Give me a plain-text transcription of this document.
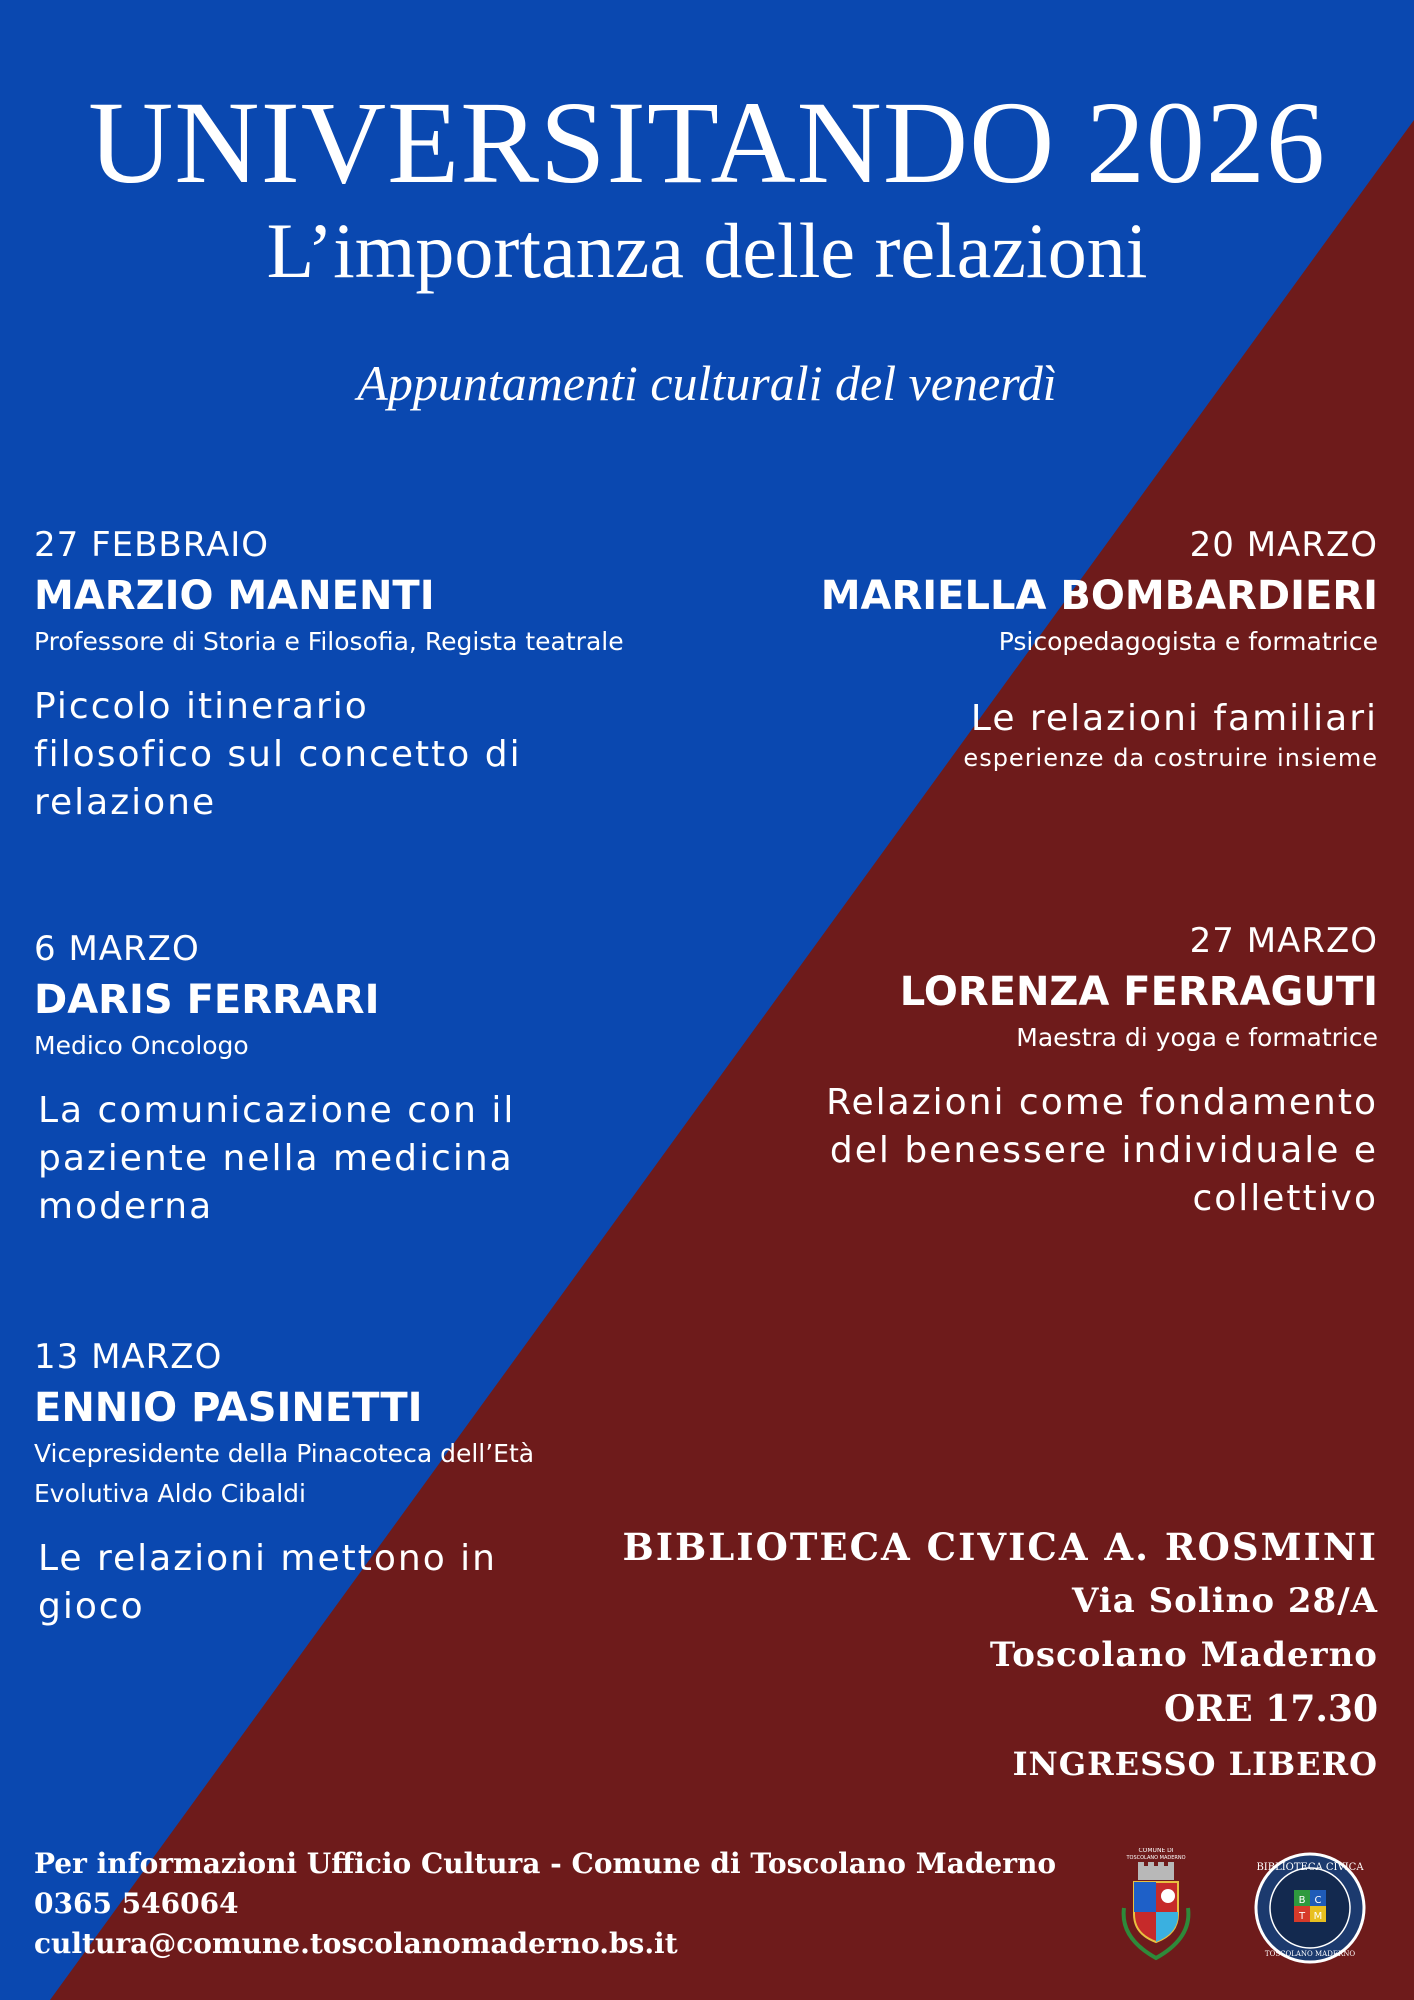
UNIVERSITANDO 2026
L’importanza delle relazioni
Appuntamenti culturali del venerdì
27 FEBBRAIO
MARZIO MANENTI
Professore di Storia e Filosofia, Regista teatrale
Piccolo itinerario
filosofico sul concetto di
relazione
20 MARZO
MARIELLA BOMBARDIERI
Psicopedagogista e formatrice
Le relazioni familiari
esperienze da costruire insieme
6 MARZO
DARIS FERRARI
Medico Oncologo
La comunicazione con il
paziente nella medicina
moderna
27 MARZO
LORENZA FERRAGUTI
Maestra di yoga e formatrice
Relazioni come fondamento
del benessere individuale e
collettivo
13 MARZO
ENNIO PASINETTI
Vicepresidente della Pinacoteca dell’Età
Evolutiva Aldo Cibaldi
Le relazioni mettono in
gioco
BIBLIOTECA CIVICA A. ROSMINI
Via Solino 28/A
Toscolano Maderno
ORE 17.30
INGRESSO LIBERO
Per informazioni Ufficio Cultura - Comune di Toscolano Maderno
0365 546064
cultura@comune.toscolanomaderno.bs.it
COMUNE DI
TOSCOLANO MADERNO
BIBLIOTECA CIVICA
TOSCOLANO MADERNO
B C
T M
